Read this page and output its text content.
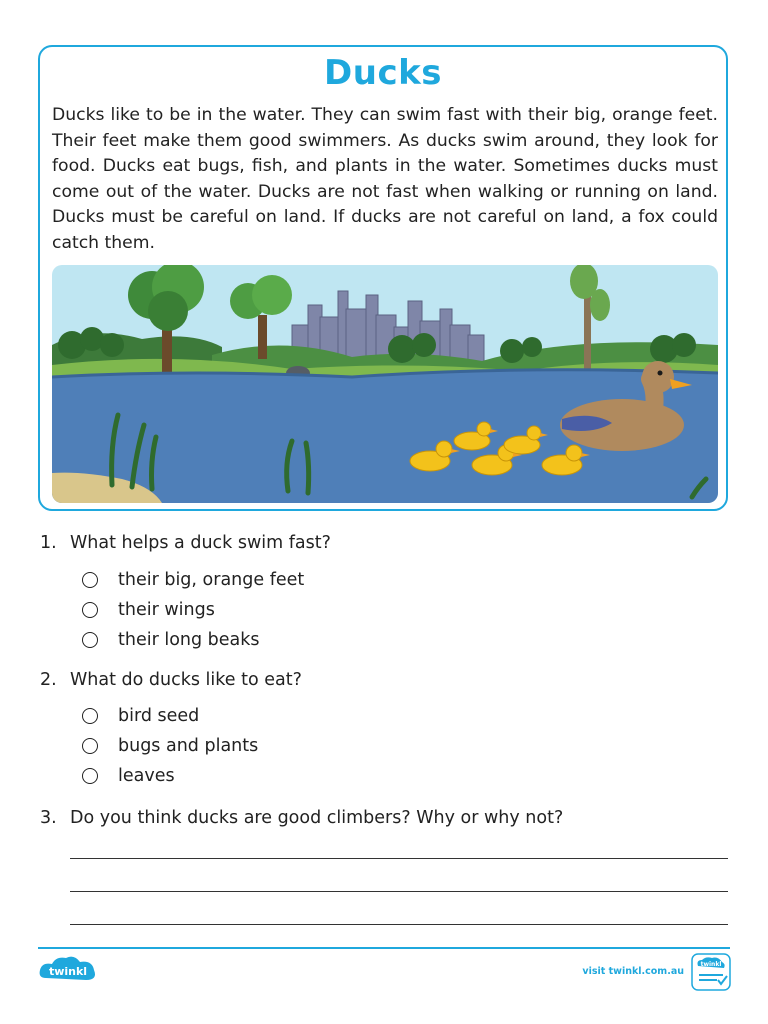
Ducks

Ducks like to be in the water. They can swim fast with their big, orange feet. Their feet make them good swimmers. As ducks swim around, they look for food. Ducks eat bugs, fish, and plants in the water. Sometimes ducks must come out of the water. Ducks are not fast when walking or running on land. Ducks must be careful on land. If ducks are not careful on land, a fox could catch them.

1. What helps a duck swim fast?
their big, orange feet
their wings
their long beaks
2. What do ducks like to eat?
bird seed
bugs and plants
leaves
3. Do you think ducks are good climbers? Why or why not?
twinkl	visit twinkl.com.au
twinkl
